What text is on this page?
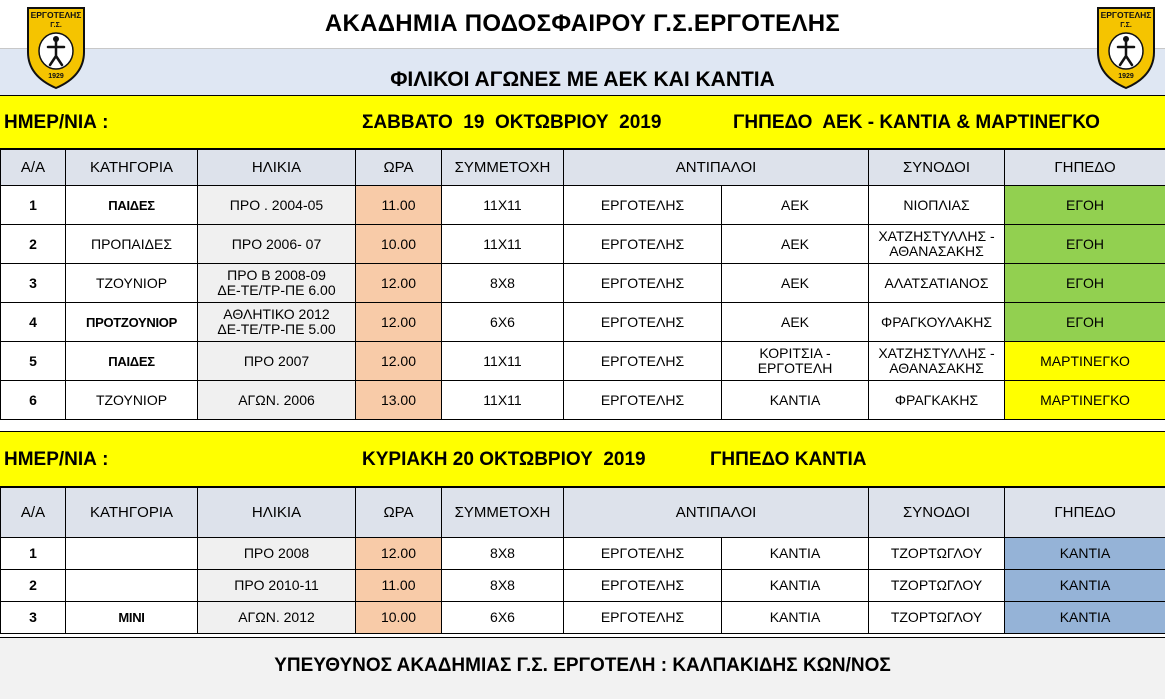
ΑΚΑΔΗΜΙΑ ΠΟΔΟΣΦΑΙΡΟΥ Γ.Σ.ΕΡΓΟΤΕΛΗΣ
ΦΙΛΙΚΟΙ ΑΓΩΝΕΣ ΜΕ ΑΕΚ ΚΑΙ ΚΑΝΤΙΑ
ΕΡΓΟΤΕΛΗΣ
Γ.Σ.
1929
ΕΡΓΟΤΕΛΗΣ
Γ.Σ.
1929
ΗΜΕΡ/ΝΙΑ :	ΣΑΒΒΑΤΟ  19  ΟΚΤΩΒΡΙΟΥ  2019	ΓΗΠΕΔΟ  ΑΕΚ - ΚΑΝΤΙΑ & ΜΑΡΤΙΝΕΓΚΟ
Α/Α	ΚΑΤΗΓΟΡΙΑ	ΗΛΙΚΙΑ	ΩΡΑ	ΣΥΜΜΕΤΟΧΗ	ΑΝΤΙΠΑΛΟΙ		ΣΥΝΟΔΟΙ	ΓΗΠΕΔΟ
1	ΠΑΙΔΕΣ	ΠΡΟ . 2004-05	11.00	11Χ11	ΕΡΓΟΤΕΛΗΣ	ΑΕΚ	ΝΙΟΠΛΙΑΣ	ΕΓΟΗ
2	ΠΡΟΠΑΙΔΕΣ	ΠΡΟ 2006- 07	10.00	11Χ11	ΕΡΓΟΤΕΛΗΣ	ΑΕΚ	ΧΑΤΖΗΣΤΥΛΛΗΣ -
ΑΘΑΝΑΣΑΚΗΣ	ΕΓΟΗ
3	ΤΖΟΥΝΙΟΡ	ΠΡΟ Β 2008-09
ΔΕ-ΤΕ/ΤΡ-ΠΕ 6.00	12.00	8Χ8	ΕΡΓΟΤΕΛΗΣ	ΑΕΚ	ΑΛΑΤΣΑΤΙΑΝΟΣ	ΕΓΟΗ
4	ΠΡΟΤΖΟΥΝΙΟΡ	ΑΘΛΗΤΙΚΟ 2012
ΔΕ-ΤΕ/ΤΡ-ΠΕ 5.00	12.00	6Χ6	ΕΡΓΟΤΕΛΗΣ	ΑΕΚ	ΦΡΑΓΚΟΥΛΑΚΗΣ	ΕΓΟΗ
5	ΠΑΙΔΕΣ	ΠΡΟ 2007	12.00	11Χ11	ΕΡΓΟΤΕΛΗΣ	ΚΟΡΙΤΣΙΑ -
ΕΡΓΟΤΕΛΗ	ΧΑΤΖΗΣΤΥΛΛΗΣ -
ΑΘΑΝΑΣΑΚΗΣ	ΜΑΡΤΙΝΕΓΚΟ
6	ΤΖΟΥΝΙΟΡ	ΑΓΩΝ. 2006	13.00	11Χ11	ΕΡΓΟΤΕΛΗΣ	ΚΑΝΤΙΑ	ΦΡΑΓΚΑΚΗΣ	ΜΑΡΤΙΝΕΓΚΟ
ΗΜΕΡ/ΝΙΑ :	ΚΥΡΙΑΚΗ 20 ΟΚΤΩΒΡΙΟΥ  2019	ΓΗΠΕΔΟ ΚΑΝΤΙΑ
Α/Α	ΚΑΤΗΓΟΡΙΑ	ΗΛΙΚΙΑ	ΩΡΑ	ΣΥΜΜΕΤΟΧΗ	ΑΝΤΙΠΑΛΟΙ		ΣΥΝΟΔΟΙ	ΓΗΠΕΔΟ
1		ΠΡΟ 2008	12.00	8Χ8	ΕΡΓΟΤΕΛΗΣ	ΚΑΝΤΙΑ	ΤΖΟΡΤΩΓΛΟΥ	ΚΑΝΤΙΑ
2		ΠΡΟ 2010-11	11.00	8Χ8	ΕΡΓΟΤΕΛΗΣ	ΚΑΝΤΙΑ	ΤΖΟΡΤΩΓΛΟΥ	ΚΑΝΤΙΑ
3	ΜΙΝΙ	ΑΓΩΝ. 2012	10.00	6Χ6	ΕΡΓΟΤΕΛΗΣ	ΚΑΝΤΙΑ	ΤΖΟΡΤΩΓΛΟΥ	ΚΑΝΤΙΑ
ΥΠΕΥΘΥΝΟΣ ΑΚΑΔΗΜΙΑΣ Γ.Σ. ΕΡΓΟΤΕΛΗ : ΚΑΛΠΑΚΙΔΗΣ ΚΩΝ/ΝΟΣ
